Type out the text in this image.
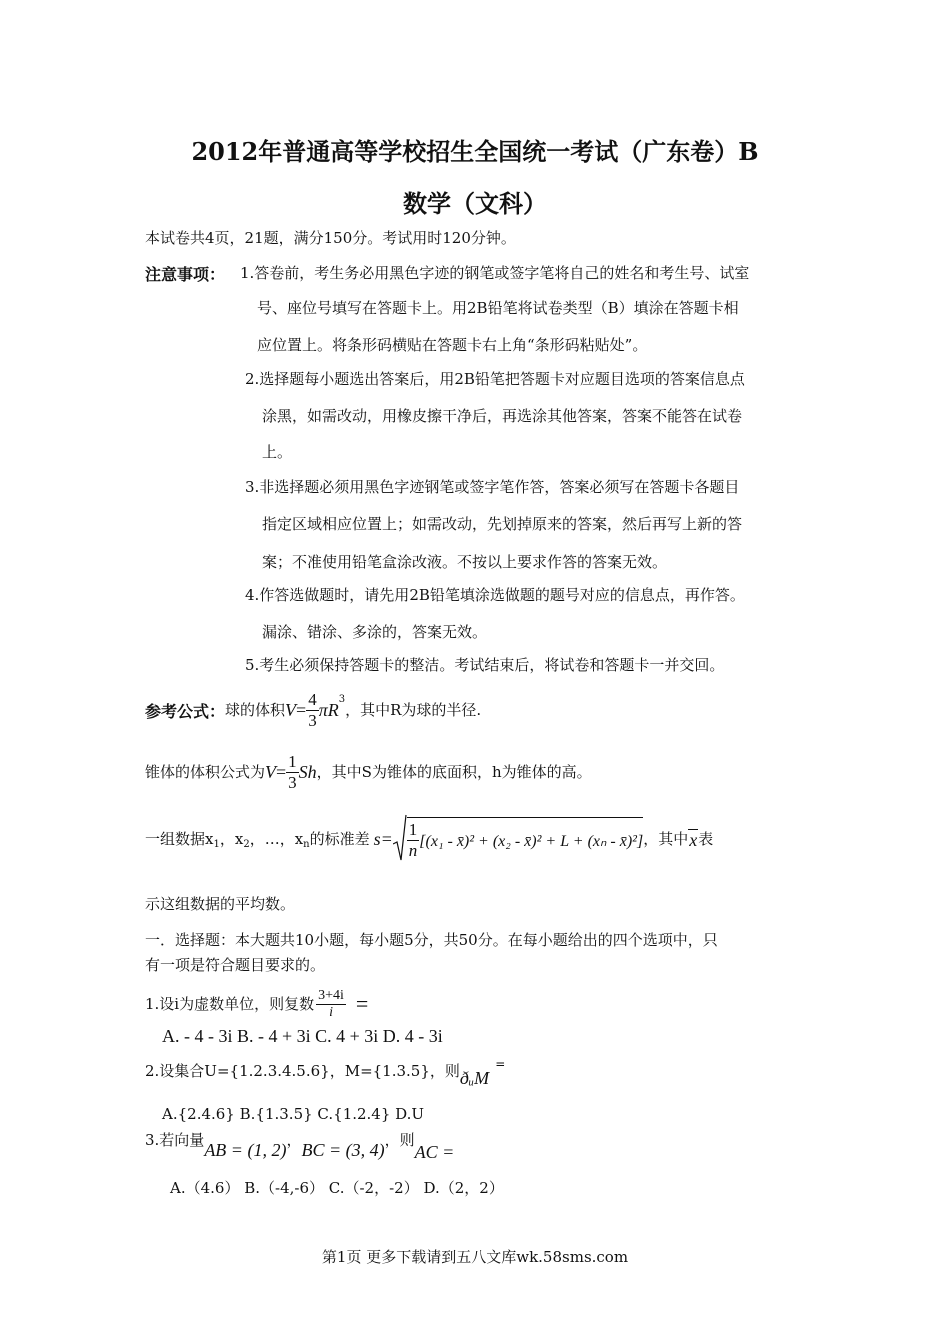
2012年普通高等学校招生全国统一考试（广东卷）B
数学（文科）
本试卷共4页，21题，满分150分。考试用时120分钟。
注意事项： 1.答卷前，考生务必用黑色字迹的钢笔或签字笔将自己的姓名和考生号、试室
号、座位号填写在答题卡上。用2B铅笔将试卷类型（B）填涂在答题卡相
应位置上。将条形码横贴在答题卡右上角“条形码粘贴处”。
2.选择题每小题选出答案后，用2B铅笔把答题卡对应题目选项的答案信息点
涂黑，如需改动，用橡皮擦干净后，再选涂其他答案，答案不能答在试卷
上。
3.非选择题必须用黑色字迹钢笔或签字笔作答，答案必须写在答题卡各题目
指定区域相应位置上；如需改动，先划掉原来的答案，然后再写上新的答
案；不准使用铅笔盒涂改液。不按以上要求作答的答案无效。
4.作答选做题时，请先用2B铅笔填涂选做题的题号对应的信息点，再作答。
漏涂、错涂、多涂的，答案无效。
5.考生必须保持答题卡的整洁。考试结束后，将试卷和答题卡一并交回。
参考公式： 球的体积 $V = \frac{4}{3} \pi R^3$
，其中R为球的半径.
锥体的体积公式为 $V = \frac{1}{3}$ Sh ，其中S为锥体的底面积，h为锥体的高。
一组数据$x_1$ ，$x_2$ ，…，$x_n$ 的标准差 $s= \frac{1}{n} [(x_1$ - x̄)² + (x₂ - x̄)² + L + (xₙ - x̄)²] ，其中 x 表
示这组数据的平均数。
一．选择题：本大题共10小题，每小题5分，共50分。在每小题给出的四个选项中，只
有一项是符合题目要求的。
1.设i为虚数单位，则复数 $\frac{3+4i}{i}$ =
A. - 4 - 3i B. - 4 + 3i C. 4 + 3i D. 4 - 3i
2.设集合U={1.2.3.4.5.6}，M={1.3.5}，则 ðᵤM
=
A.{2.4.6} B.{1.3.5} C.{1.2.4} D.U
3.若向量 AB = (1, 2) ， BC = (3, 4) ，则
AC =
A.（4.6） B.（-4,-6） C.（-2，-2） D.（2，2）
第1页 更多下载请到五八文库wk.58sms.com
